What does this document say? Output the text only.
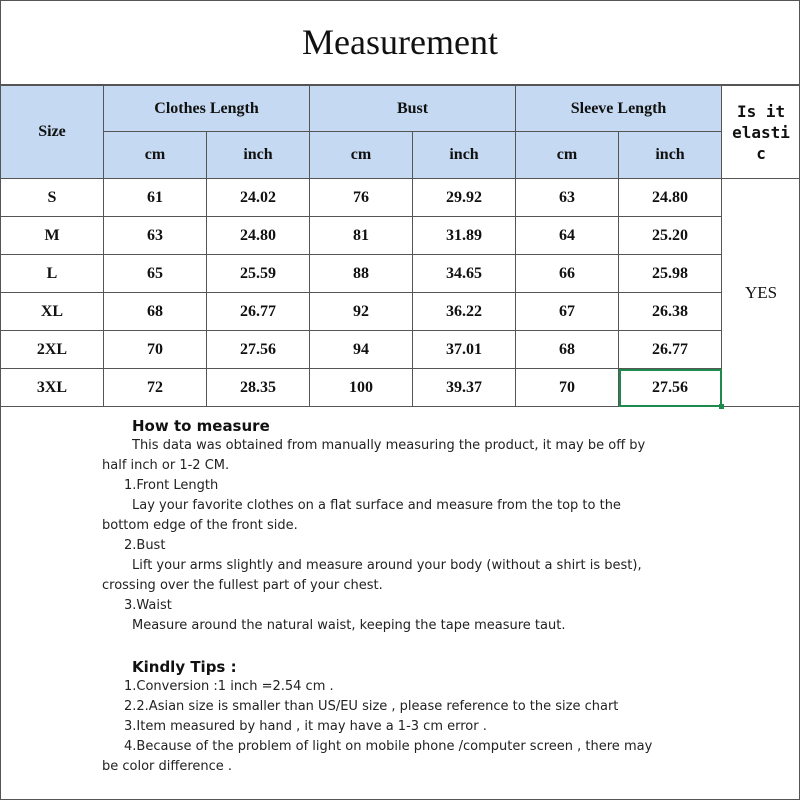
Measurement
Size	Clothes Length		Bust		Sleeve Length		Is it elastic
	cm	inch	cm	inch	cm	inch	
S	61	24.02	76	29.92	63	24.80	YES
M	63	24.80	81	31.89	64	25.20	
L	65	25.59	88	34.65	66	25.98	
XL	68	26.77	92	36.22	67	26.38	
2XL	70	27.56	94	37.01	68	26.77	
3XL	72	28.35	100	39.37	70	27.56	
How to measure
This data was obtained from manually measuring the product, it may be off by
half inch or 1-2 CM.
1.Front Length
Lay your favorite clothes on a flat surface and measure from the top to the
bottom edge of the front side.
2.Bust
Lift your arms slightly and measure around your body (without a shirt is best),
crossing over the fullest part of your chest.
3.Waist
Measure around the natural waist, keeping the tape measure taut.
Kindly Tips :
1.Conversion :1 inch =2.54 cm .
2.2.Asian size is smaller than US/EU size , please reference to the size chart
3.Item measured by hand , it may have a 1-3 cm error .
4.Because of the problem of light on mobile phone /computer screen , there may
be color difference .
